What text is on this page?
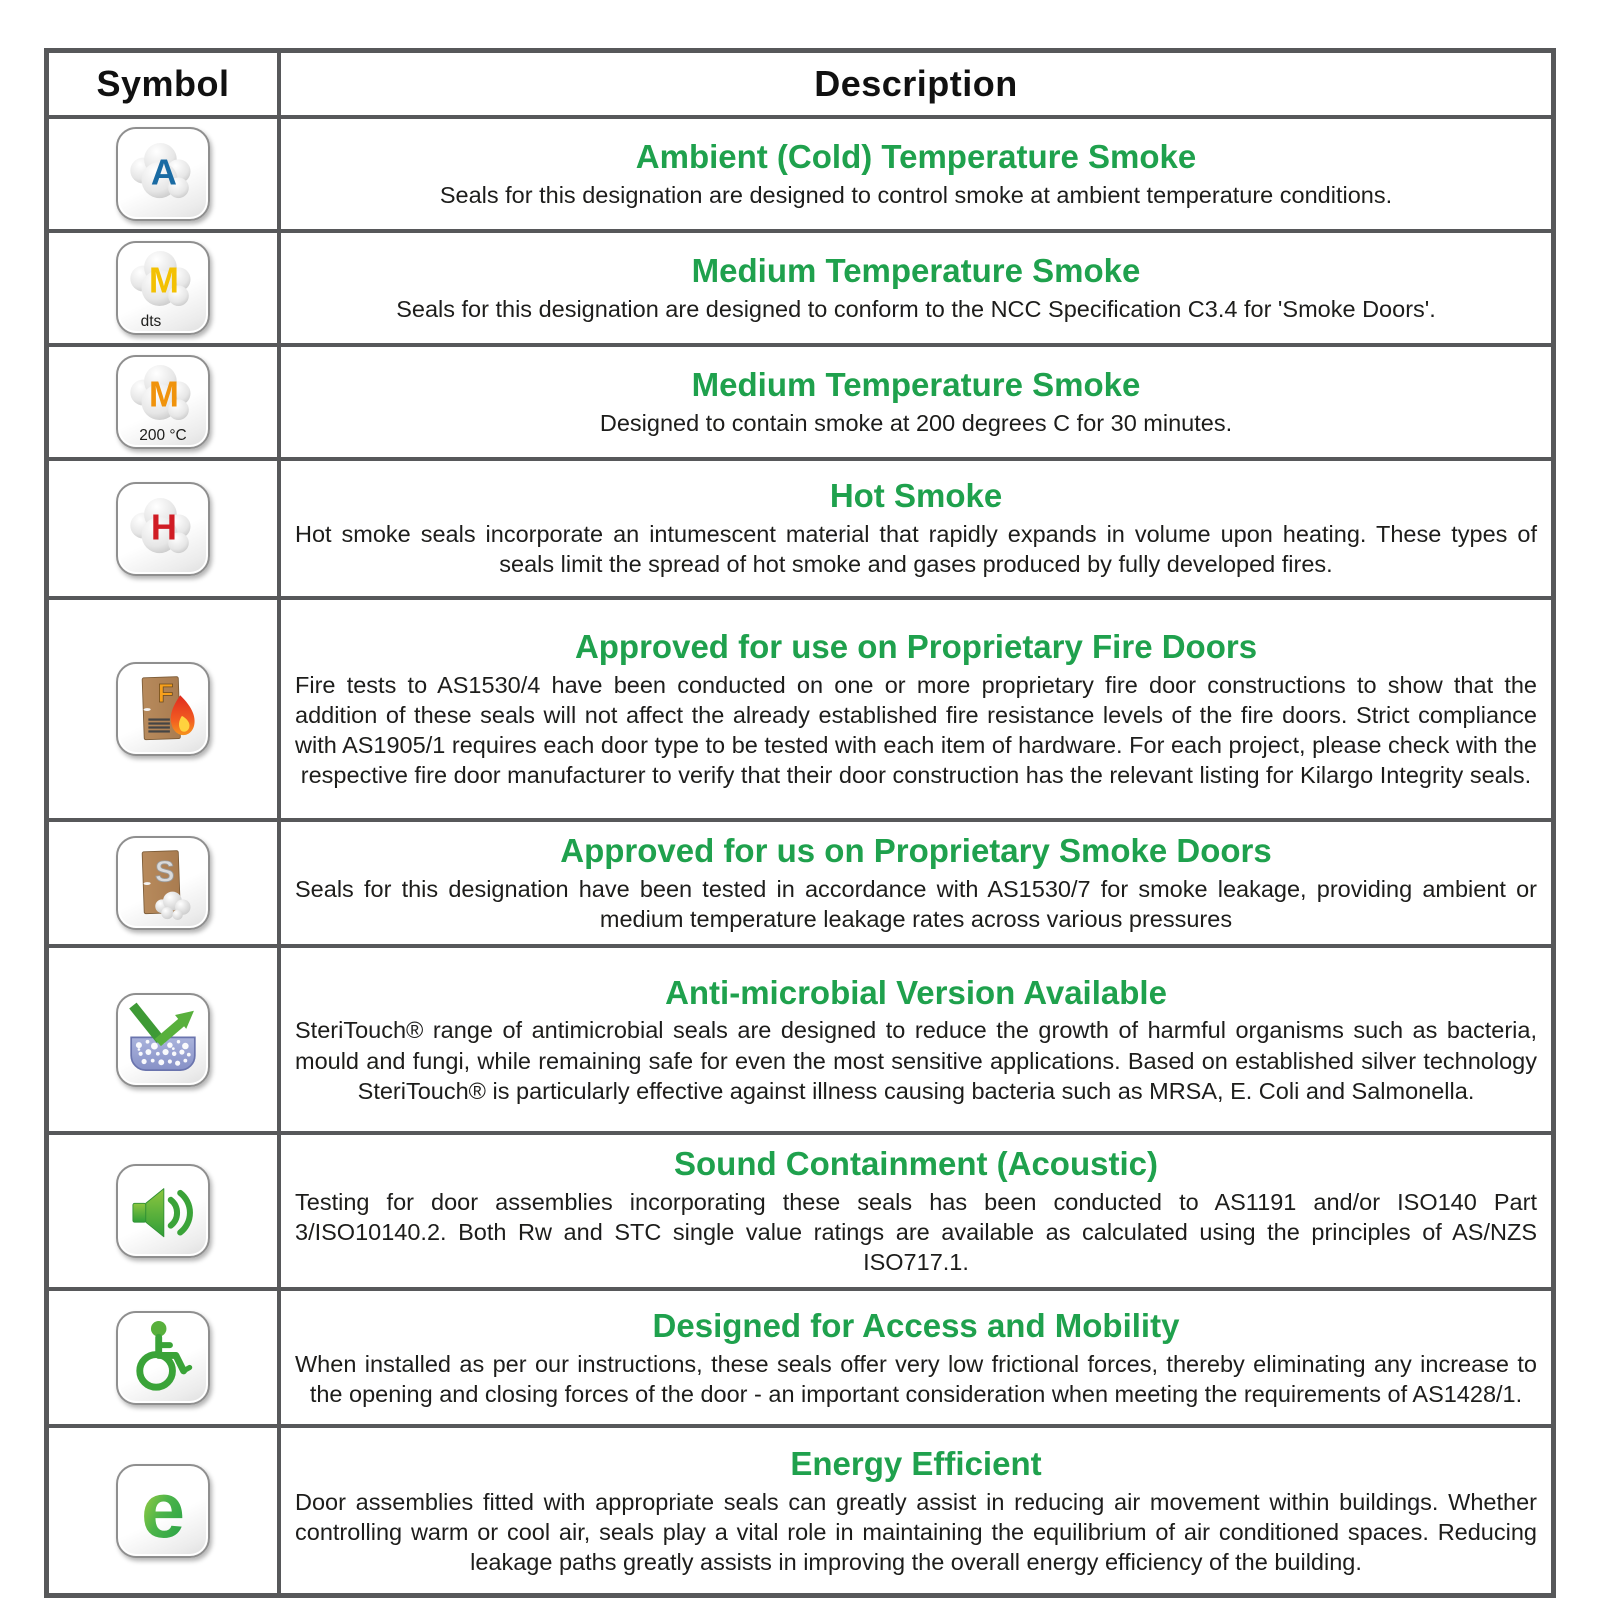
Symbol	Description
A	Ambient (Cold) Temperature Smoke

Seals for this designation are designed to control smoke at ambient temperature conditions.

M
dts
Medium Temperature Smoke

Seals for this designation are designed to conform to the NCC Specification C3.4 for 'Smoke Doors'.

M
200 °C
Medium Temperature Smoke

Designed to contain smoke at 200 degrees C for 30 minutes.

H
Hot Smoke

Hot smoke seals incorporate an intumescent material that rapidly expands in volume upon heating. These types of seals limit the spread of hot smoke and gases produced by fully developed fires.

F
Approved for use on Proprietary Fire Doors

Fire tests to AS1530/4 have been conducted on one or more proprietary fire door constructions to show that the addition of these seals will not affect the already established fire resistance levels of the fire doors. Strict compliance with AS1905/1 requires each door type to be tested with each item of hardware. For each project, please check with the respective fire door manufacturer to verify that their door construction has the relevant listing for Kilargo Integrity seals.

S
Approved for us on Proprietary Smoke Doors

Seals for this designation have been tested in accordance with AS1530/7 for smoke leakage, providing ambient or medium temperature leakage rates across various pressures

Anti-microbial Version Available

SteriTouch® range of antimicrobial seals are designed to reduce the growth of harmful organisms such as bacteria, mould and fungi, while remaining safe for even the most sensitive applications. Based on established silver technology SteriTouch® is particularly effective against illness causing bacteria such as MRSA, E. Coli and Salmonella.

Sound Containment (Acoustic)

Testing for door assemblies incorporating these seals has been conducted to AS1191 and/or ISO140 Part 3/ISO10140.2. Both Rw and STC single value ratings are available as calculated using the principles of AS/NZS ISO717.1.

Designed for Access and Mobility

When installed as per our instructions, these seals offer very low frictional forces, thereby eliminating any increase to the opening and closing forces of the door - an important consideration when meeting the requirements of AS1428/1.

e
Energy Efficient

Door assemblies fitted with appropriate seals can greatly assist in reducing air movement within buildings. Whether controlling warm or cool air, seals play a vital role in maintaining the equilibrium of air conditioned spaces. Reducing leakage paths greatly assists in improving the overall energy efficiency of the building.
